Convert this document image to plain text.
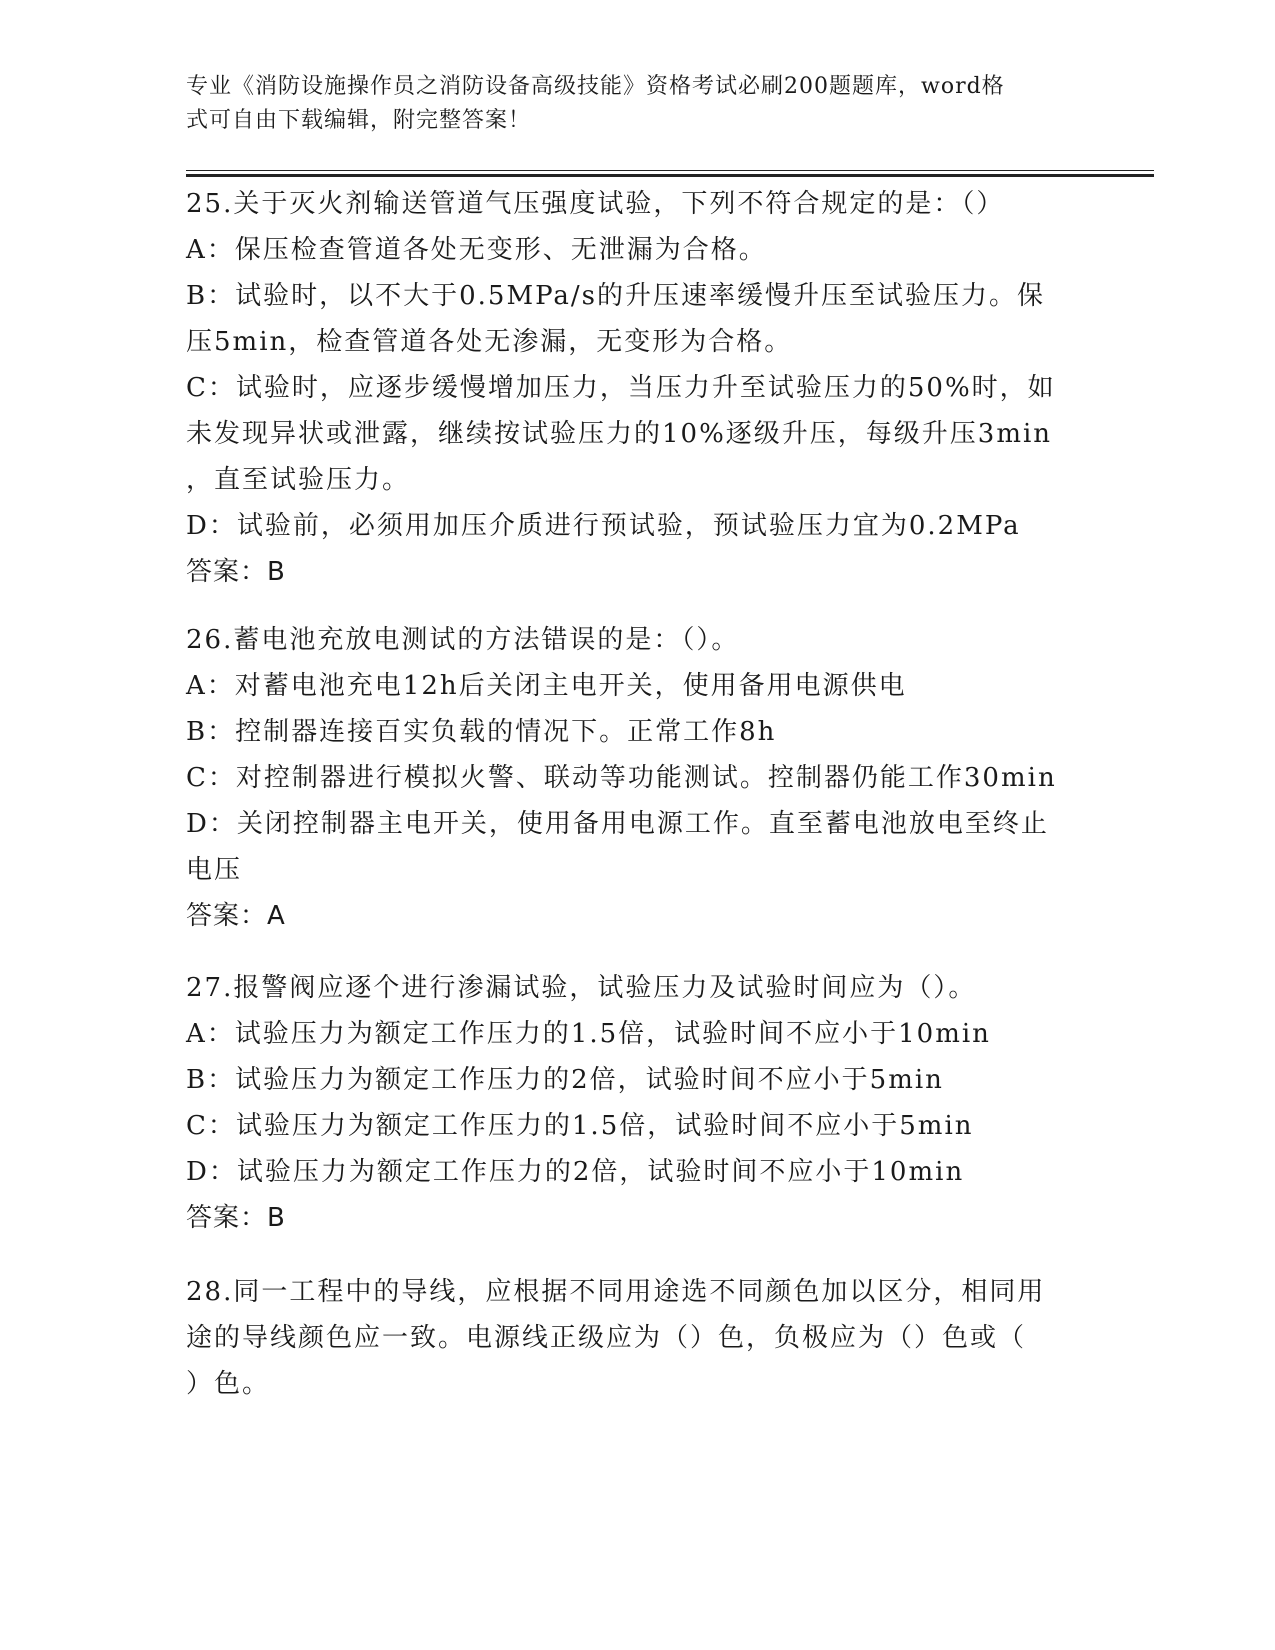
专业《消防设施操作员之消防设备高级技能》资格考试必刷200题题库，word格
式可自由下载编辑，附完整答案！
25.关于灭火剂输送管道气压强度试验，下列不符合规定的是：（）
A：保压检查管道各处无变形、无泄漏为合格。
B：试验时，以不大于0.5MPa/s的升压速率缓慢升压至试验压力。保
压5min，检查管道各处无渗漏，无变形为合格。
C：试验时，应逐步缓慢增加压力，当压力升至试验压力的50%时，如
未发现异状或泄露，继续按试验压力的10%逐级升压，每级升压3min
，直至试验压力。
D：试验前，必须用加压介质进行预试验，预试验压力宜为0.2MPa
答案：B
26.蓄电池充放电测试的方法错误的是：（）。
A：对蓄电池充电12h后关闭主电开关，使用备用电源供电
B：控制器连接百实负载的情况下。正常工作8h
C：对控制器进行模拟火警、联动等功能测试。控制器仍能工作30min
D：关闭控制器主电开关，使用备用电源工作。直至蓄电池放电至终止
电压
答案：A
27.报警阀应逐个进行渗漏试验，试验压力及试验时间应为（）。
A：试验压力为额定工作压力的1.5倍，试验时间不应小于10min
B：试验压力为额定工作压力的2倍，试验时间不应小于5min
C：试验压力为额定工作压力的1.5倍，试验时间不应小于5min
D：试验压力为额定工作压力的2倍，试验时间不应小于10min
答案：B
28.同一工程中的导线，应根据不同用途选不同颜色加以区分，相同用
途的导线颜色应一致。电源线正级应为（）色，负极应为（）色或（
）色。
